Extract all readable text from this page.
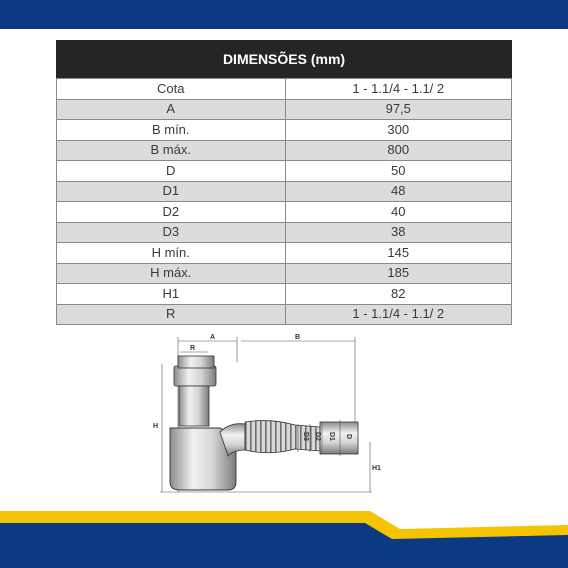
DIMENSÕES (mm)
Cota	1 - 1.1/4 - 1.1/ 2
A	97,5
B mín.	300
B máx.	800
D	50
D1	48
D2	40
D3	38
H mín.	145
H máx.	185
H1	82
R	1 - 1.1/4 - 1.1/ 2
A	B
R
H
H1
D3 D2 D1 D
